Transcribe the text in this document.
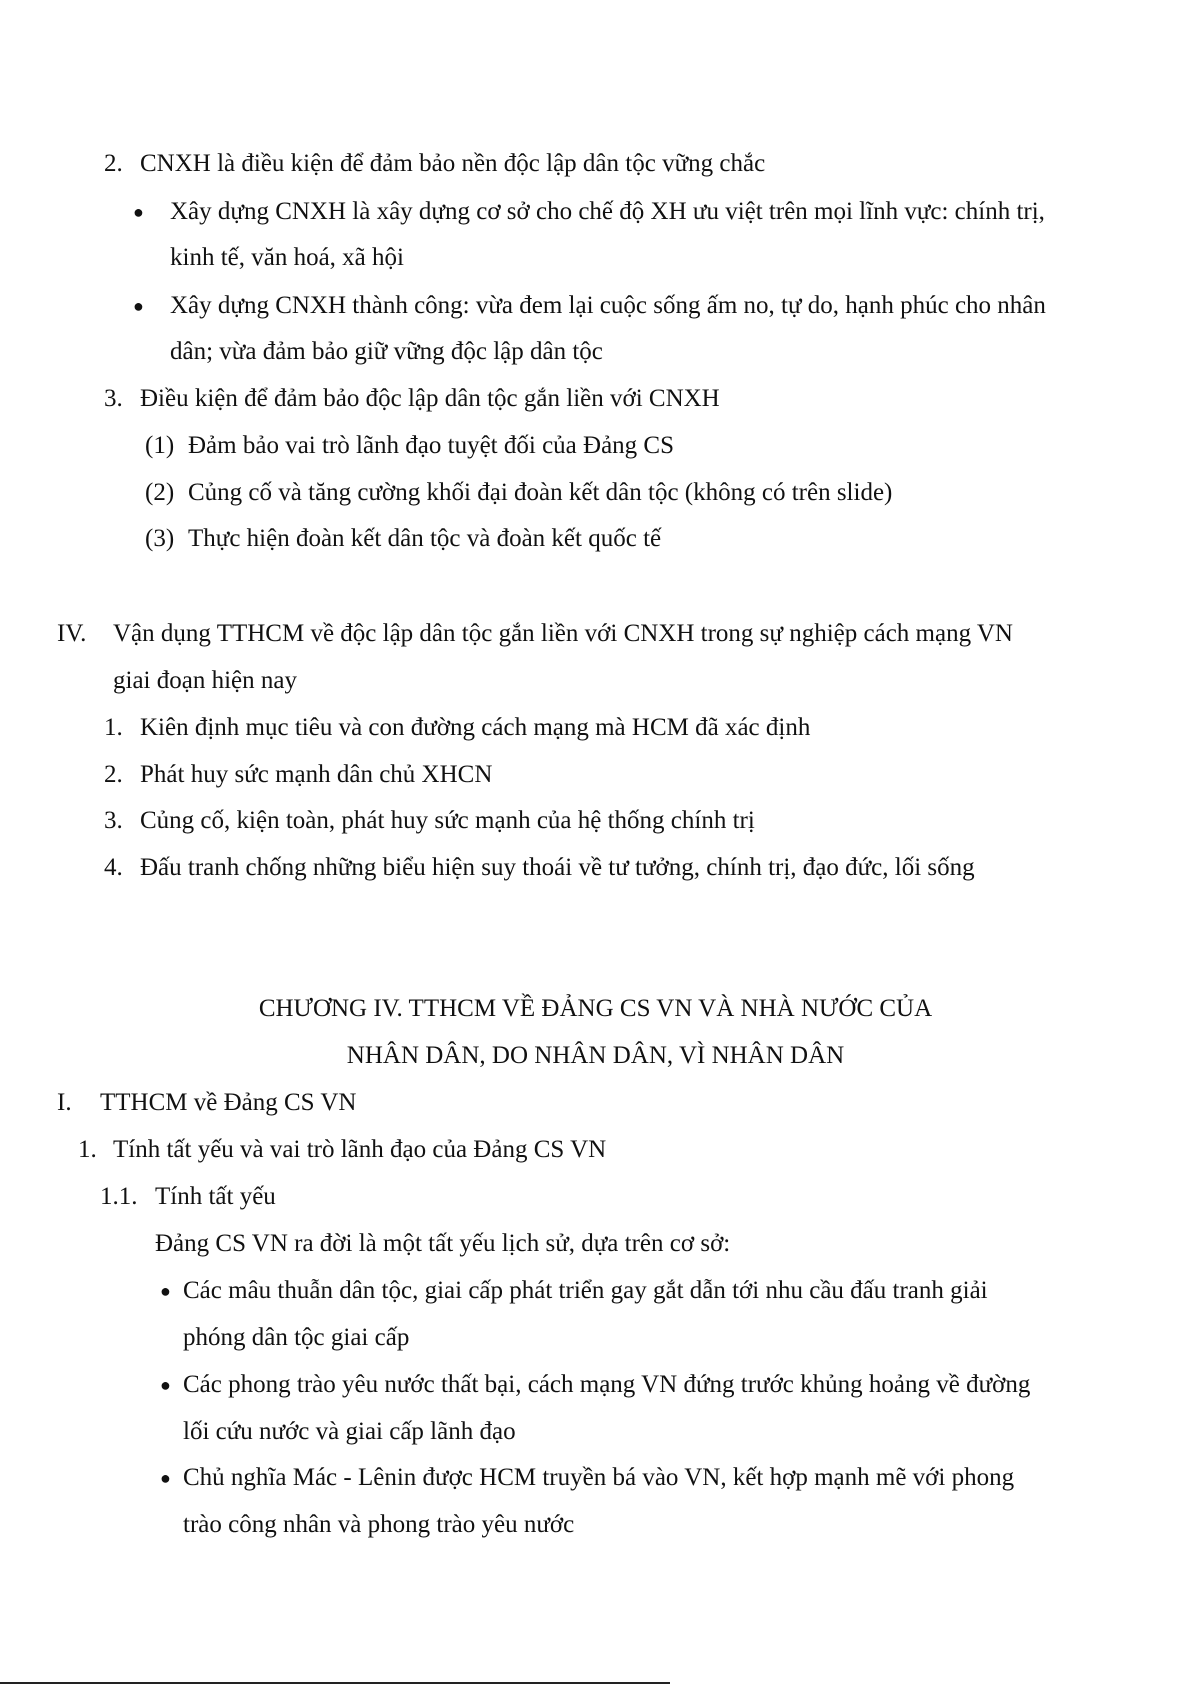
2. CNXH là điều kiện để đảm bảo nền độc lập dân tộc vững chắc
● Xây dựng CNXH là xây dựng cơ sở cho chế độ XH ưu việt trên mọi lĩnh vực: chính trị,
kinh tế, văn hoá, xã hội
● Xây dựng CNXH thành công: vừa đem lại cuộc sống ấm no, tự do, hạnh phúc cho nhân
dân; vừa đảm bảo giữ vững độc lập dân tộc
3. Điều kiện để đảm bảo độc lập dân tộc gắn liền với CNXH
(1) Đảm bảo vai trò lãnh đạo tuyệt đối của Đảng CS
(2) Củng cố và tăng cường khối đại đoàn kết dân tộc (không có trên slide)
(3) Thực hiện đoàn kết dân tộc và đoàn kết quốc tế
IV. Vận dụng TTHCM về độc lập dân tộc gắn liền với CNXH trong sự nghiệp cách mạng VN
giai đoạn hiện nay
1. Kiên định mục tiêu và con đường cách mạng mà HCM đã xác định
2. Phát huy sức mạnh dân chủ XHCN
3. Củng cố, kiện toàn, phát huy sức mạnh của hệ thống chính trị
4. Đấu tranh chống những biểu hiện suy thoái về tư tưởng, chính trị, đạo đức, lối sống
CHƯƠNG IV. TTHCM VỀ ĐẢNG CS VN VÀ NHÀ NƯỚC CỦA
NHÂN DÂN, DO NHÂN DÂN, VÌ NHÂN DÂN
I. TTHCM về Đảng CS VN
1. Tính tất yếu và vai trò lãnh đạo của Đảng CS VN
1.1. Tính tất yếu
Đảng CS VN ra đời là một tất yếu lịch sử, dựa trên cơ sở:
● Các mâu thuẫn dân tộc, giai cấp phát triển gay gắt dẫn tới nhu cầu đấu tranh giải
phóng dân tộc giai cấp
● Các phong trào yêu nước thất bại, cách mạng VN đứng trước khủng hoảng về đường
lối cứu nước và giai cấp lãnh đạo
● Chủ nghĩa Mác - Lênin được HCM truyền bá vào VN, kết hợp mạnh mẽ với phong
trào công nhân và phong trào yêu nước
